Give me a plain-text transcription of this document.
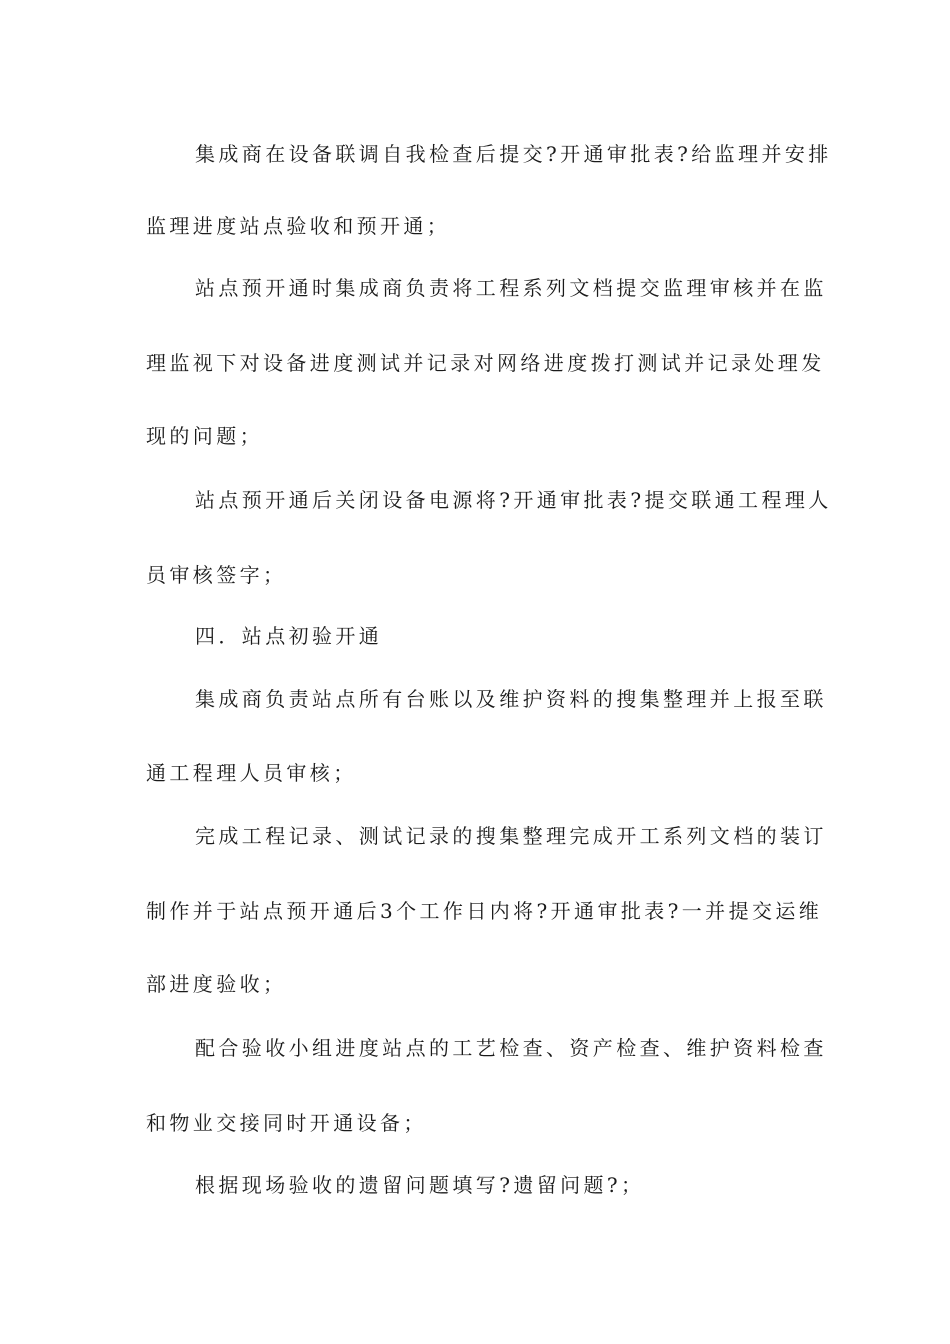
集成商在设备联调自我检查后提交?开通审批表?给监理并安排
监理进度站点验收和预开通；
站点预开通时集成商负责将工程系列文档提交监理审核并在监
理监视下对设备进度测试并记录对网络进度拨打测试并记录处理发
现的问题；
站点预开通后关闭设备电源将?开通审批表?提交联通工程理人
员审核签字；
四．站点初验开通
集成商负责站点所有台账以及维护资料的搜集整理并上报至联
通工程理人员审核；
完成工程记录、测试记录的搜集整理完成开工系列文档的装订
制作并于站点预开通后3个工作日内将?开通审批表?一并提交运维
部进度验收；
配合验收小组进度站点的工艺检查、资产检查、维护资料检查
和物业交接同时开通设备；
根据现场验收的遗留问题填写?遗留问题?；
